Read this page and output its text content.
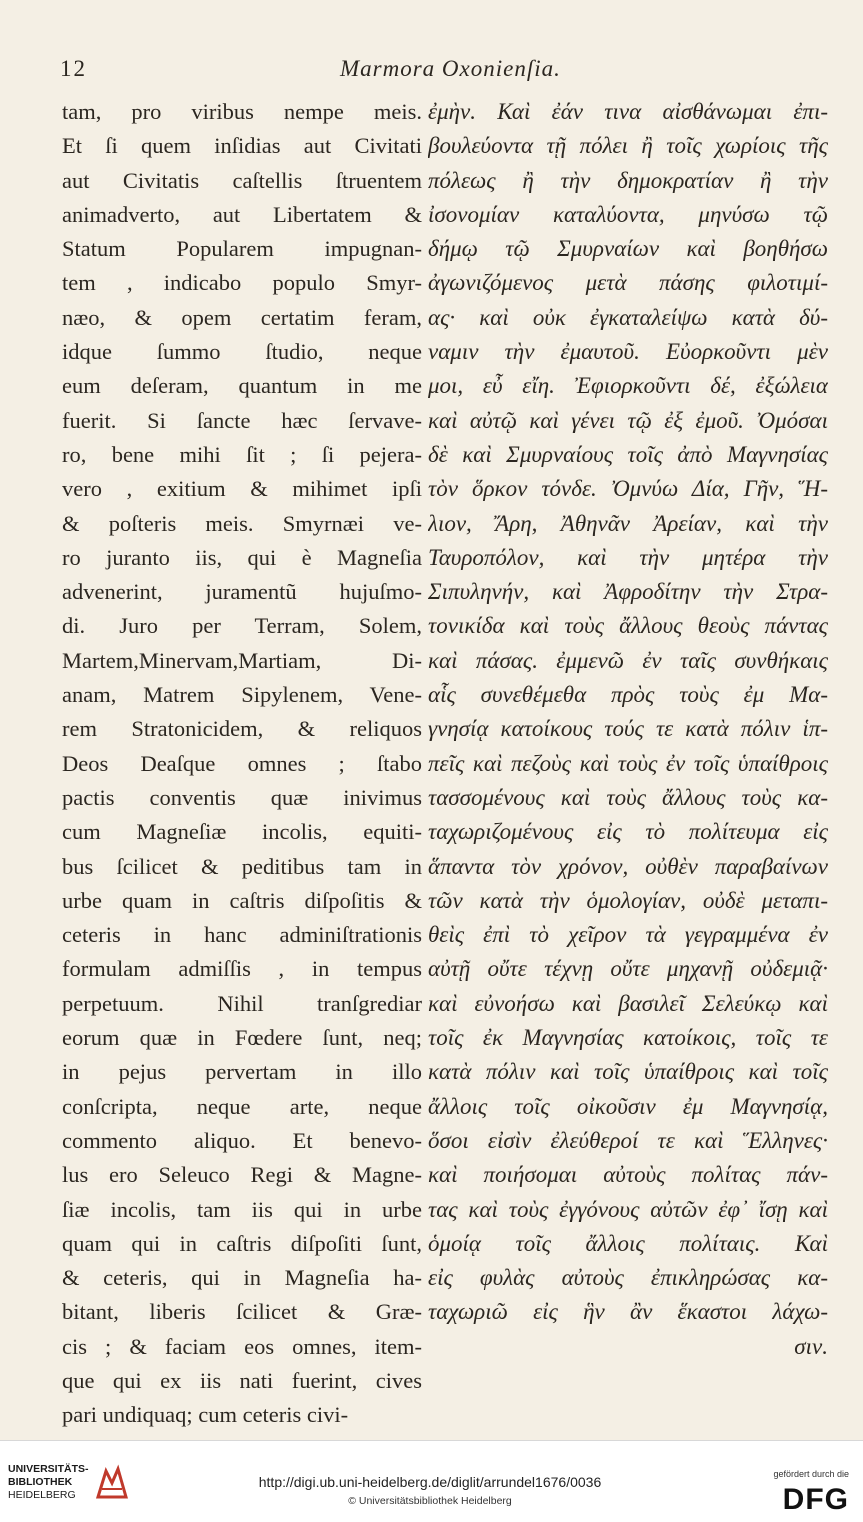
12	Marmora Oxonienſia.
tam, pro viribus nempe meis.
Et ſi quem inſidias aut Civitati
aut Civitatis caſtellis ſtruentem
animadverto, aut Libertatem &
Statum Popularem impugnan-
tem , indicabo populo Smyr-
næo, & opem certatim feram,
idque ſummo ſtudio, neque
eum deſeram, quantum in me
fuerit. Si ſancte hæc ſervave-
ro, bene mihi ſit ; ſi pejera-
vero , exitium & mihimet ipſi
& poſteris meis. Smyrnæi ve-
ro juranto iis, qui è Magneſia
advenerint, juramentũ hujuſmo-
di. Juro per Terram, Solem,
Martem,Minervam,Martiam, Di-
anam, Matrem Sipylenem, Vene-
rem Stratonicidem, & reliquos
Deos Deaſque omnes ; ſtabo
pactis conventis quæ inivimus
cum Magneſiæ incolis, equiti-
bus ſcilicet & peditibus tam in
urbe quam in caſtris diſpoſitis &
ceteris in hanc adminiſtrationis
formulam admiſſis , in tempus
perpetuum. Nihil tranſgrediar
eorum quæ in Fœdere ſunt, neq;
in pejus pervertam in illo
conſcripta, neque arte, neque
commento aliquo. Et benevo-
lus ero Seleuco Regi & Magne-
ſiæ incolis, tam iis qui in urbe
quam qui in caſtris diſpoſiti ſunt,
& ceteris, qui in Magneſia ha-
bitant, liberis ſcilicet & Græ-
cis ; & faciam eos omnes, item-
que qui ex iis nati fuerint, cives
pari undiquaq; cum ceteris civi-
ἐμὴν. Καὶ ἐάν τινα αἰσθάνωμαι ἐπι-
βουλεύοντα τῇ πόλει ἢ τοῖς χωρίοις τῆς
πόλεως ἢ τὴν δημοκρατίαν ἢ τὴν
ἰσονομίαν καταλύοντα, μηνύσω τῷ
δήμῳ τῷ Σμυρναίων καὶ βοηθήσω
ἀγωνιζόμενος μετὰ πάσης φιλοτιμί-
ας· καὶ οὐκ ἐγκαταλείψω κατὰ δύ-
ναμιν τὴν ἐμαυτοῦ. Εὐορκοῦντι μὲν
μοι, εὖ εἴη. Ἐφιορκοῦντι δέ, ἐξώλεια
καὶ αὐτῷ καὶ γένει τῷ ἐξ ἐμοῦ. Ὀμόσαι
δὲ καὶ Σμυρναίους τοῖς ἀπὸ Μαγνησίας
τὸν ὅρκον τόνδε. Ὀμνύω Δία, Γῆν, Ἥ-
λιον, Ἄρη, Ἀθηνᾶν Ἀρείαν, καὶ τὴν
Ταυροπόλον, καὶ τὴν μητέρα τὴν
Σιπυληνήν, καὶ Ἀφροδίτην τὴν Στρα-
τονικίδα καὶ τοὺς ἄλλους θεοὺς πάντας
καὶ πάσας. ἐμμενῶ ἐν ταῖς συνθήκαις
αἷς συνεθέμεθα πρὸς τοὺς ἐμ Μα-
γνησίᾳ κατοίκους τούς τε κατὰ πόλιν ἱπ-
πεῖς καὶ πεζοὺς καὶ τοὺς ἐν τοῖς ὑπαίθροις
τασσομένους καὶ τοὺς ἄλλους τοὺς κα-
ταχωριζομένους εἰς τὸ πολίτευμα εἰς
ἅπαντα τὸν χρόνον, οὐθὲν παραβαίνων
τῶν κατὰ τὴν ὁμολογίαν, οὐδὲ μεταπι-
θεὶς ἐπὶ τὸ χεῖρον τὰ γεγραμμένα ἐν
αὐτῇ οὔτε τέχνῃ οὔτε μηχανῇ οὐδεμιᾷ·
καὶ εὐνοήσω καὶ βασιλεῖ Σελεύκῳ καὶ
τοῖς ἐκ Μαγνησίας κατοίκοις, τοῖς τε
κατὰ πόλιν καὶ τοῖς ὑπαίθροις καὶ τοῖς
ἄλλοις τοῖς οἰκοῦσιν ἐμ Μαγνησίᾳ,
ὅσοι εἰσὶν ἐλεύθεροί τε καὶ Ἕλληνες·
καὶ ποιήσομαι αὐτοὺς πολίτας πάν-
τας καὶ τοὺς ἐγγόνους αὐτῶν ἐφ᾽ ἴσῃ καὶ
ὁμοίᾳ τοῖς ἄλλοις πολίταις. Καὶ
εἰς φυλὰς αὐτοὺς ἐπικληρώσας κα-
ταχωριῶ εἰς ἣν ἂν ἕκαστοι λάχω-
σιν.
UNIVERSITÄTS-
BIBLIOTHEK
HEIDELBERG
http://digi.ub.uni-heidelberg.de/diglit/arrundel1676/0036
© Universitätsbibliothek Heidelberg
gefördert durch die
DFG
